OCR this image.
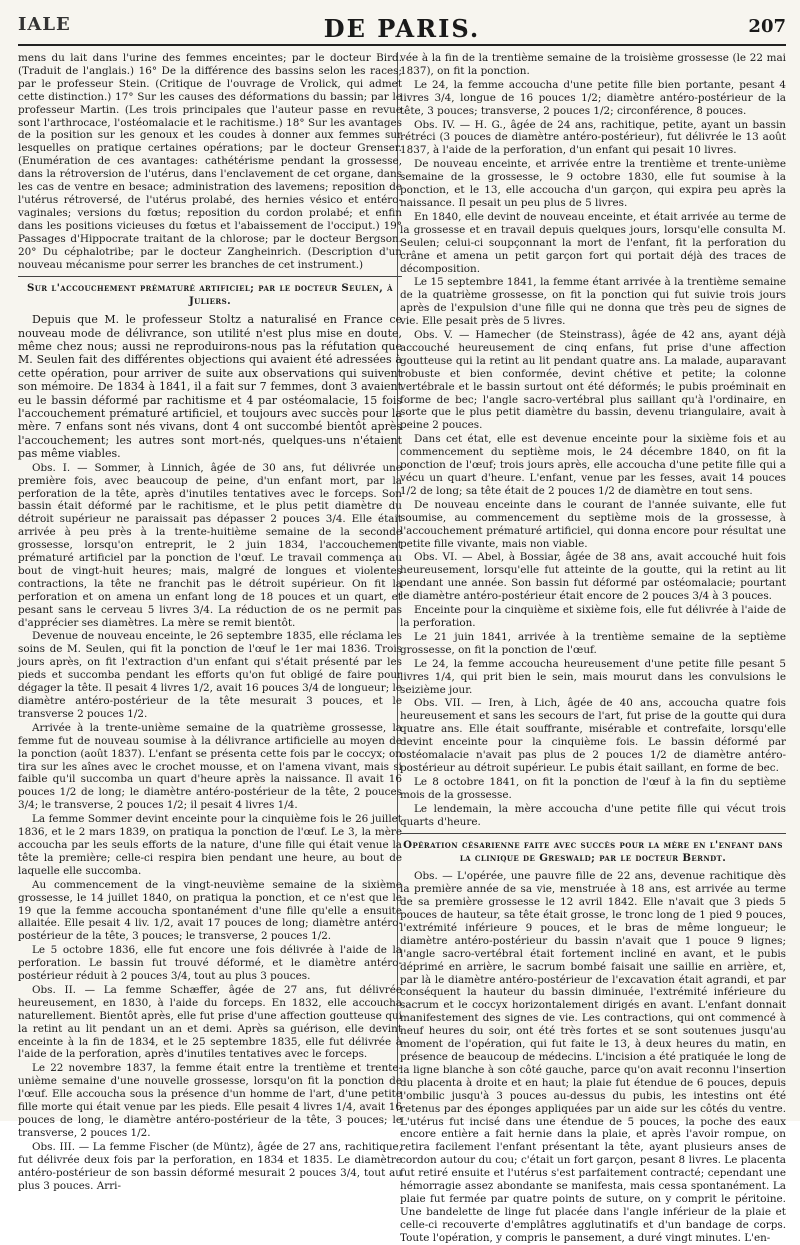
IALE	DE PARIS.	207

mens du lait dans l'urine des femmes enceintes; par le docteur Bird. (Traduit de l'anglais.) 16° De la différence des bassins selon les races; par le professeur Stein. (Critique de l'ouvrage de Vrolick, qui admet cette distinction.) 17° Sur les causes des déformations du bassin; par le professeur Martin. (Les trois principales que l'auteur passe en revue sont l'arthrocace, l'ostéomalacie et le rachitisme.) 18° Sur les avantages de la position sur les genoux et les coudes à donner aux femmes sur lesquelles on pratique certaines opérations; par le docteur Grenser. (Enumération de ces avantages: cathétérisme pendant la grossesse, dans la rétroversion de l'utérus, dans l'enclavement de cet organe, dans les cas de ventre en besace; administration des lavemens; reposition de l'utérus rétroversé, de l'utérus prolabé, des hernies vésico et entéro-vaginales; versions du fœtus; reposition du cordon prolabé; et enfin dans les positions vicieuses du fœtus et l'abaissement de l'occiput.) 19° Passages d'Hippocrate traitant de la chlorose; par le docteur Bergson. 20° Du céphalotribe; par le docteur Zangheinrich. (Description d'un nouveau mécanisme pour serrer les branches de cet instrument.)

Sur l'accouchement prématuré artificiel; par le docteur Seulen, à Juliers.

Depuis que M. le professeur Stoltz a naturalisé en France ce nouveau mode de délivrance, son utilité n'est plus mise en doute, même chez nous; aussi ne reproduirons-nous pas la réfutation que M. Seulen fait des différentes objections qui avaient été adressées à cette opération, pour arriver de suite aux observations qui suivent son mémoire. De 1834 à 1841, il a fait sur 7 femmes, dont 3 avaient eu le bassin déformé par rachitisme et 4 par ostéomalacie, 15 fois l'accouchement prématuré artificiel, et toujours avec succès pour la mère. 7 enfans sont nés vivans, dont 4 ont succombé bientôt après l'accouchement; les autres sont mort-nés, quelques-uns n'étaient pas même viables.

Obs. I. — Sommer, à Linnich, âgée de 30 ans, fut délivrée une première fois, avec beaucoup de peine, d'un enfant mort, par la perforation de la tête, après d'inutiles tentatives avec le forceps. Son bassin était déformé par le rachitisme, et le plus petit diamètre du détroit supérieur ne paraissait pas dépasser 2 pouces 3/4. Elle était arrivée à peu près à la trente-huitième semaine de la seconde grossesse, lorsqu'on entreprit, le 2 juin 1834, l'accouchement prématuré artificiel par la ponction de l'œuf. Le travail commença au bout de vingt-huit heures; mais, malgré de longues et violentes contractions, la tête ne franchit pas le détroit supérieur. On fit la perforation et on amena un enfant long de 18 pouces et un quart, et pesant sans le cerveau 5 livres 3/4. La réduction de os ne permit pas d'apprécier ses diamètres. La mère se remit bientôt.

Devenue de nouveau enceinte, le 26 septembre 1835, elle réclama les soins de M. Seulen, qui fit la ponction de l'œuf le 1er mai 1836. Trois jours après, on fit l'extraction d'un enfant qui s'était présenté par les pieds et succomba pendant les efforts qu'on fut obligé de faire pour dégager la tête. Il pesait 4 livres 1/2, avait 16 pouces 3/4 de longueur; le diamètre antéro-postérieur de la tête mesurait 3 pouces, et le transverse 2 pouces 1/2.

Arrivée à la trente-unième semaine de la quatrième grossesse, la femme fut de nouveau soumise à la délivrance artificielle au moyen de la ponction (août 1837). L'enfant se présenta cette fois par le coccyx; on tira sur les aînes avec le crochet mousse, et on l'amena vivant, mais si faible qu'il succomba un quart d'heure après la naissance. Il avait 16 pouces 1/2 de long; le diamètre antéro-postérieur de la tête, 2 pouces 3/4; le transverse, 2 pouces 1/2; il pesait 4 livres 1/4.

La femme Sommer devint enceinte pour la cinquième fois le 26 juillet 1836, et le 2 mars 1839, on pratiqua la ponction de l'œuf. Le 3, la mère accoucha par les seuls efforts de la nature, d'une fille qui était venue la tête la première; celle-ci respira bien pendant une heure, au bout de laquelle elle succomba.

Au commencement de la vingt-neuvième semaine de la sixième grossesse, le 14 juillet 1840, on pratiqua la ponction, et ce n'est que le 19 que la femme accoucha spontanément d'une fille qu'elle a ensuite allaitée. Elle pesait 4 liv. 1/2, avait 17 pouces de long; diamètre antéro-postérieur de la tête, 3 pouces; le transverse, 2 pouces 1/2.

Le 5 octobre 1836, elle fut encore une fois délivrée à l'aide de la perforation. Le bassin fut trouvé déformé, et le diamètre antéro-postérieur réduit à 2 pouces 3/4, tout au plus 3 pouces.

Obs. II. — La femme Schæffer, âgée de 27 ans, fut délivrée heureusement, en 1830, à l'aide du forceps. En 1832, elle accoucha naturellement. Bientôt après, elle fut prise d'une affection goutteuse qui la retint au lit pendant un an et demi. Après sa guérison, elle devint enceinte à la fin de 1834, et le 25 septembre 1835, elle fut délivrée à l'aide de la perforation, après d'inutiles tentatives avec le forceps.

Le 22 novembre 1837, la femme était entre la trentième et trente-unième semaine d'une nouvelle grossesse, lorsqu'on fit la ponction de l'œuf. Elle accoucha sous la présence d'un homme de l'art, d'une petite fille morte qui était venue par les pieds. Elle pesait 4 livres 1/4, avait 16 pouces de long, le diamètre antéro-postérieur de la tête, 3 pouces; le transverse, 2 pouces 1/2.

Obs. III. — La femme Fischer (de Müntz), âgée de 27 ans, rachitique, fut délivrée deux fois par la perforation, en 1834 et 1835. Le diamètre antéro-postérieur de son bassin déformé mesurait 2 pouces 3/4, tout au plus 3 pouces. Arri-

vée à la fin de la trentième semaine de la troisième grossesse (le 22 mai 1837), on fit la ponction.

Le 24, la femme accoucha d'une petite fille bien portante, pesant 4 livres 3/4, longue de 16 pouces 1/2; diamètre antéro-postérieur de la tête, 3 pouces; transverse, 2 pouces 1/2; circonférence, 8 pouces.

Obs. IV. — H. G., âgée de 24 ans, rachitique, petite, ayant un bassin rétréci (3 pouces de diamètre antéro-postérieur), fut délivrée le 13 août 1837, à l'aide de la perforation, d'un enfant qui pesait 10 livres.

De nouveau enceinte, et arrivée entre la trentième et trente-unième semaine de la grossesse, le 9 octobre 1830, elle fut soumise à la ponction, et le 13, elle accoucha d'un garçon, qui expira peu après la naissance. Il pesait un peu plus de 5 livres.

En 1840, elle devint de nouveau enceinte, et était arrivée au terme de la grossesse et en travail depuis quelques jours, lorsqu'elle consulta M. Seulen; celui-ci soupçonnant la mort de l'enfant, fit la perforation du crâne et amena un petit garçon fort qui portait déjà des traces de décomposition.

Le 15 septembre 1841, la femme étant arrivée à la trentième semaine de la quatrième grossesse, on fit la ponction qui fut suivie trois jours après de l'expulsion d'une fille qui ne donna que très peu de signes de vie. Elle pesait près de 5 livres.

Obs. V. — Hamecher (de Steinstrass), âgée de 42 ans, ayant déjà accouché heureusement de cinq enfans, fut prise d'une affection goutteuse qui la retint au lit pendant quatre ans. La malade, auparavant robuste et bien conformée, devint chétive et petite; la colonne vertébrale et le bassin surtout ont été déformés; le pubis proéminait en forme de bec; l'angle sacro-vertébral plus saillant qu'à l'ordinaire, en sorte que le plus petit diamètre du bassin, devenu triangulaire, avait à peine 2 pouces.

Dans cet état, elle est devenue enceinte pour la sixième fois et au commencement du septième mois, le 24 décembre 1840, on fit la ponction de l'œuf; trois jours après, elle accoucha d'une petite fille qui a vécu un quart d'heure. L'enfant, venue par les fesses, avait 14 pouces 1/2 de long; sa tête était de 2 pouces 1/2 de diamètre en tout sens.

De nouveau enceinte dans le courant de l'année suivante, elle fut soumise, au commencement du septième mois de la grossesse, à l'accouchement prématuré artificiel, qui donna encore pour résultat une petite fille vivante, mais non viable.

Obs. VI. — Abel, à Bossiar, âgée de 38 ans, avait accouché huit fois heureusement, lorsqu'elle fut atteinte de la goutte, qui la retint au lit pendant une année. Son bassin fut déformé par ostéomalacie; pourtant le diamètre antéro-postérieur était encore de 2 pouces 3/4 à 3 pouces.

Enceinte pour la cinquième et sixième fois, elle fut délivrée à l'aide de la perforation.

Le 21 juin 1841, arrivée à la trentième semaine de la septième grossesse, on fit la ponction de l'œuf.

Le 24, la femme accoucha heureusement d'une petite fille pesant 5 livres 1/4, qui prit bien le sein, mais mourut dans les convulsions le seizième jour.

Obs. VII. — Iren, à Lich, âgée de 40 ans, accoucha quatre fois heureusement et sans les secours de l'art, fut prise de la goutte qui dura quatre ans. Elle était souffrante, misérable et contrefaite, lorsqu'elle devint enceinte pour la cinquième fois. Le bassin déformé par ostéomalacie n'avait pas plus de 2 pouces 1/2 de diamètre antéro-postérieur au détroit supérieur. Le pubis était saillant, en forme de bec.

Le 8 octobre 1841, on fit la ponction de l'œuf à la fin du septième mois de la grossesse.

Le lendemain, la mère accoucha d'une petite fille qui vécut trois quarts d'heure.

Opération césarienne faite avec succès pour la mère en l'enfant dans la clinique de Greswald; par le docteur Berndt.

Obs. — L'opérée, une pauvre fille de 22 ans, devenue rachitique dès la première année de sa vie, menstruée à 18 ans, est arrivée au terme de sa première grossesse le 12 avril 1842. Elle n'avait que 3 pieds 5 pouces de hauteur, sa tête était grosse, le tronc long de 1 pied 9 pouces, l'extrémité inférieure 9 pouces, et le bras de même longueur; le diamètre antéro-postérieur du bassin n'avait que 1 pouce 9 lignes; l'angle sacro-vertébral était fortement incliné en avant, et le pubis déprimé en arrière, le sacrum bombé faisait une saillie en arrière, et, par là le diamètre antéro-postérieur de l'excavation était agrandi, et par conséquent la hauteur du bassin diminuée, l'extrémité inférieure du sacrum et le coccyx horizontalement dirigés en avant. L'enfant donnait manifestement des signes de vie. Les contractions, qui ont commencé à neuf heures du soir, ont été très fortes et se sont soutenues jusqu'au moment de l'opération, qui fut faite le 13, à deux heures du matin, en présence de beaucoup de médecins. L'incision a été pratiquée le long de la ligne blanche à son côté gauche, parce qu'on avait reconnu l'insertion du placenta à droite et en haut; la plaie fut étendue de 6 pouces, depuis l'ombilic jusqu'à 3 pouces au-dessus du pubis, les intestins ont été retenus par des éponges appliquées par un aide sur les côtés du ventre. L'utérus fut incisé dans une étendue de 5 pouces, la poche des eaux encore entière a fait hernie dans la plaie, et après l'avoir rompue, on retira facilement l'enfant présentant la tête, ayant plusieurs anses de cordon autour du cou; c'était un fort garçon, pesant 8 livres. Le placenta fut retiré ensuite et l'utérus s'est parfaitement contracté; cependant une hémorragie assez abondante se manifesta, mais cessa spontanément. La plaie fut fermée par quatre points de suture, on y comprit le péritoine. Une bandelette de linge fut placée dans l'angle inférieur de la plaie et celle-ci recouverte d'emplâtres agglutinatifs et d'un bandage de corps. Toute l'opération, y compris le pansement, a duré vingt minutes. L'en-
